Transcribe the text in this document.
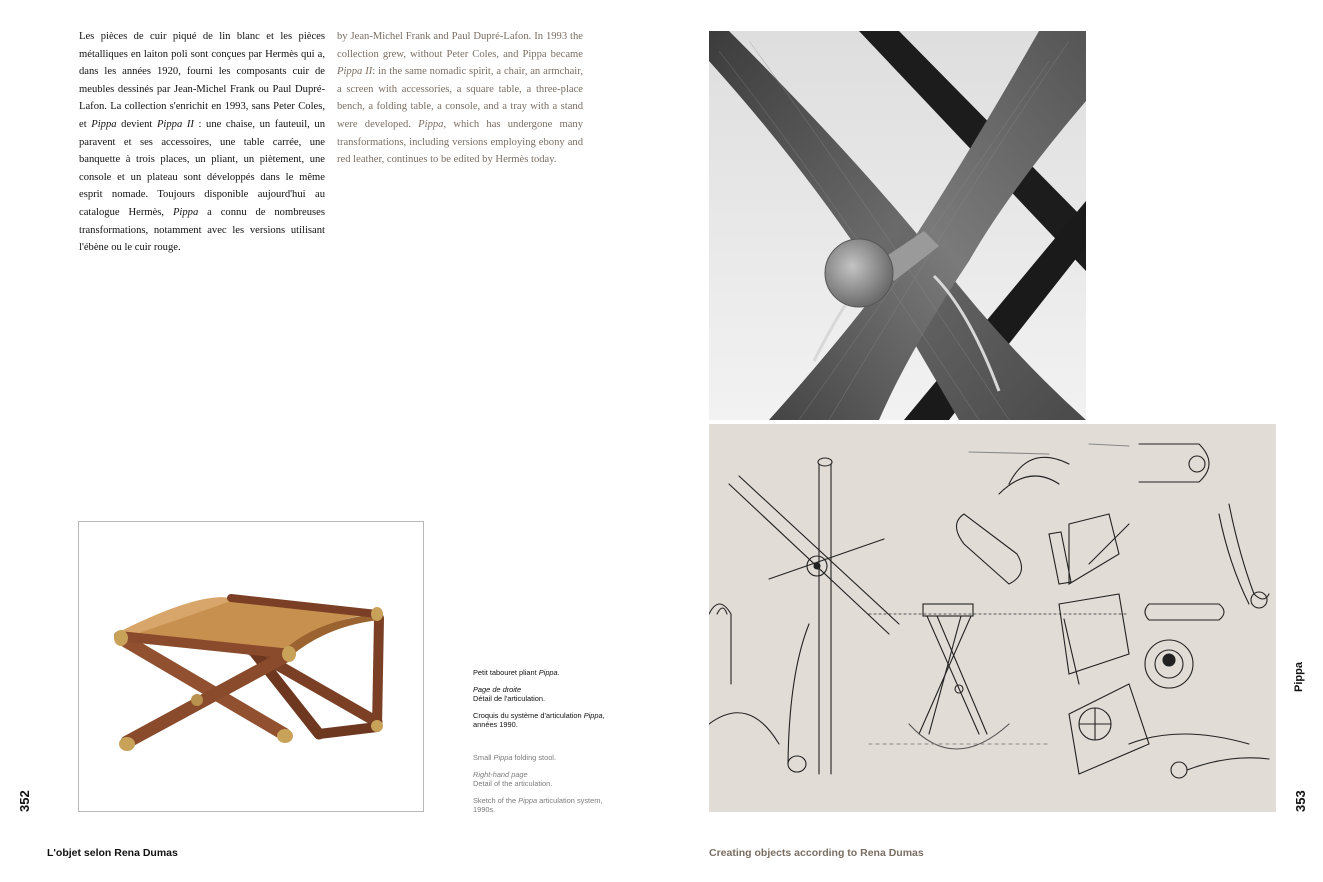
Les pièces de cuir piqué de lin blanc et les pièces métalliques en laiton poli sont conçues par Hermès qui a, dans les années 1920, fourni les composants cuir de meubles dessinés par Jean-Michel Frank ou Paul Dupré-Lafon. La collection s'enrichit en 1993, sans Peter Coles, et Pippa devient Pippa II : une chaise, un fauteuil, un paravent et ses accessoires, une table carrée, une banquette à trois places, un pliant, un piètement, une console et un plateau sont développés dans le même esprit nomade. Toujours disponible aujourd'hui au catalogue Hermès, Pippa a connu de nombreuses transformations, notamment avec les versions utilisant l'ébène ou le cuir rouge.
by Jean-Michel Frank and Paul Dupré-Lafon. In 1993 the collection grew, without Peter Coles, and Pippa became Pippa II: in the same nomadic spirit, a chair, an armchair, a screen with accessories, a square table, a three-place bench, a folding table, a console, and a tray with a stand were developed. Pippa, which has undergone many transformations, including versions employing ebony and red leather, continues to be edited by Hermès today.
Petit tabouret pliant Pippa.
Page de droite
Détail de l'articulation.
Croquis du système d'articulation Pippa,
années 1990.
Small Pippa folding stool.
Right-hand page
Detail of the articulation.
Sketch of the Pippa articulation system,
1990s.
352
L'objet selon Rena Dumas
Pippa
353
Creating objects according to Rena Dumas
